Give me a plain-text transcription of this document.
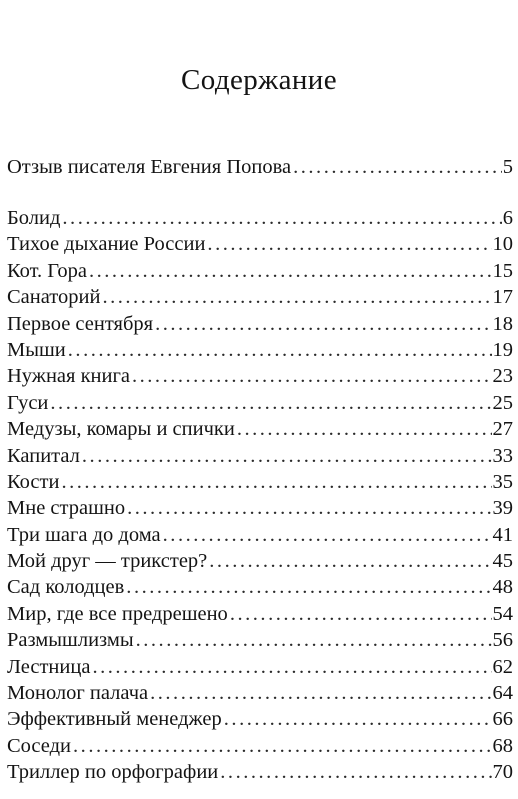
Содержание
Отзыв писателя Евгения Попова . . .	5
Болид . . .	6
Тихое дыхание России . . .	10
Кот. Гора . . .	15
Санаторий . . .	17
Первое сентября . . .	18
Мыши . . .	19
Нужная книга . . .	23
Гуси . . .	25
Медузы, комары и спички . . .	27
Капитал . . .	33
Кости . . .	35
Мне страшно . . .	39
Три шага до дома . . .	41
Мой друг — трикстер? . . .	45
Сад колодцев . . .	48
Мир, где все предрешено . . .	54
Размышлизмы . . .	56
Лестница . . .	62
Монолог палача . . .	64
Эффективный менеджер . . .	66
Соседи . . .	68
Триллер по орфографии . . .	70
